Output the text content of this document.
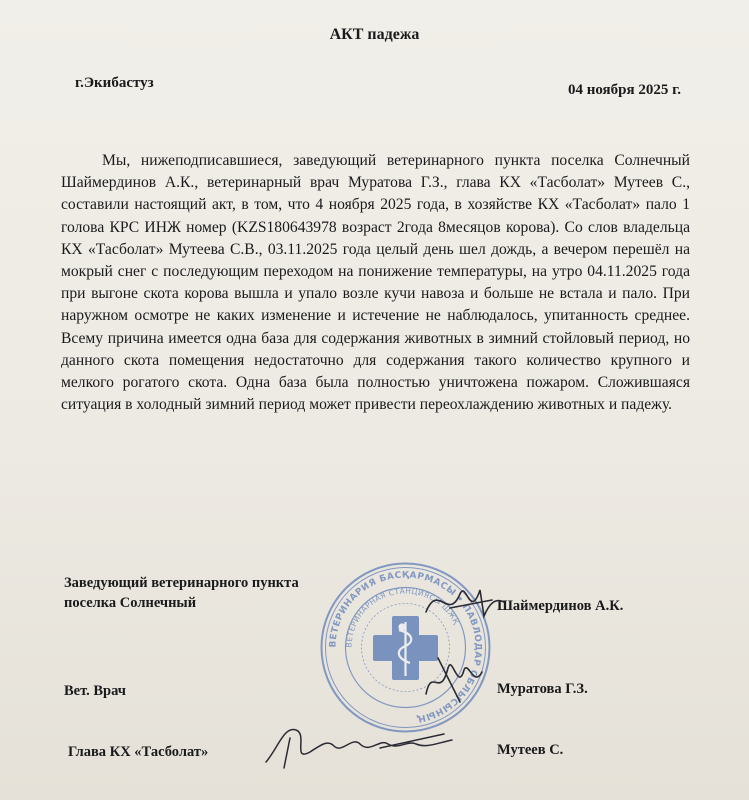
АКТ падежа
г.Экибастуз	04 ноября 2025 г.

Мы, нижеподписавшиеся, заведующий ветеринарного пункта поселка Солнечный Шаймердинов А.К., ветеринарный врач Муратова Г.З., глава КХ «Тасболат» Мутеев С., составили настоящий акт, в том, что 4 ноября 2025 года, в хозяйстве КХ «Тасболат» пало 1 голова КРС ИНЖ номер (KZS180643978 возраст 2года 8месяцов корова). Со слов владельца КХ «Тасболат» Мутеева С.В., 03.11.2025 года целый день шел дождь, а вечером перешёл на мокрый снег с последующим переходом на понижение температуры, на утро 04.11.2025 года при выгоне скота корова вышла и упало возле кучи навоза и больше не встала и пало. При наружном осмотре не каких изменение и истечение не наблюдалось, упитанность среднее. Всему причина имеется одна база для содержания животных в зимний стойловый период, но данного скота помещения недостаточно для содержания такого количество крупного и мелкого рогатого скота. Одна база была полностью уничтожена пожаром. Сложившаяся ситуация в холодный зимний период может привести переохлаждению животных и падежу.

Заведующий ветеринарного пункта поселка Солнечный	Шаймердинов А.К.
Вет. Врач	Муратова Г.З.
Глава КХ «Тасболат»	Мутеев С.
ВЕТЕРИНАРИЯ БАСҚАРМАСЫ • ПАВЛОДАР ОБЛЫСЫНЫҢ
ВЕТЕРИНАРНАЯ СТАНЦИЯСЫ ШЖҚ
